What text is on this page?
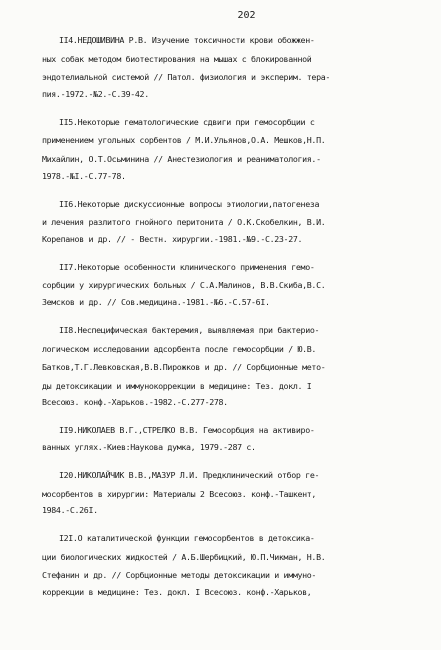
202
II4.НЕДОШИВИНА Р.В. Изучение токсичности крови обожжен-
ных собак методом биотестирования на мышах с блокированной
эндотелиальной системой // Патол. физиология и эксперим. тера-
пия.-1972.-№2.-С.39-42.
II5.Некоторые гематологические сдвиги при гемосорбции с
применением угольных сорбентов / М.И.Ульянов,О.А. Мешков,Н.П.
Михайлин, О.Т.Осьминина // Анестезиология и реаниматология.-
1978.-№I.-С.77-78.
II6.Некоторые дискуссионные вопросы этиологии,патогенеза
и лечения разлитого гнойного перитонита / О.К.Скобелкин, В.И.
Корепанов и др. // - Вестн. хирургии.-1981.-№9.-С.23-27.
II7.Некоторые особенности клинического применения гемо-
сорбции у хирургических больных / С.А.Малинов, В.В.Скиба,В.С.
Земсков и др. // Сов.медицина.-1981.-№6.-С.57-6I.
II8.Неспецифическая бактеремия, выявляемая при бактерио-
логическом исследовании адсорбента после гемосорбции / Ю.В.
Батков,Т.Г.Левковская,В.В.Пирожков и др. // Сорбционные мето-
ды детоксикации и иммунокоррекции в медицине: Тез. докл. I
Всесоюз. конф.-Харьков.-1982.-С.277-278.
II9.НИКОЛАЕВ В.Г.,СТРЕЛКО В.В. Гемосорбция на активиро-
ванных углях.-Киев:Наукова думка, 1979.-287 с.
I20.НИКОЛАЙЧИК В.В.,МАЗУР Л.И. Предклинический отбор ге-
мосорбентов в хирургии: Материалы 2 Всесоюз. конф.-Ташкент,
1984.-С.26I.
I2I.О каталитической функции гемосорбентов в детоксика-
ции биологических жидкостей / А.Б.Шербицкий, Ю.П.Чикман, Н.В.
Стефанин и др. // Сорбционные методы детоксикации и иммуно-
коррекции в медицине: Тез. докл. I Всесоюз. конф.-Харьков,
